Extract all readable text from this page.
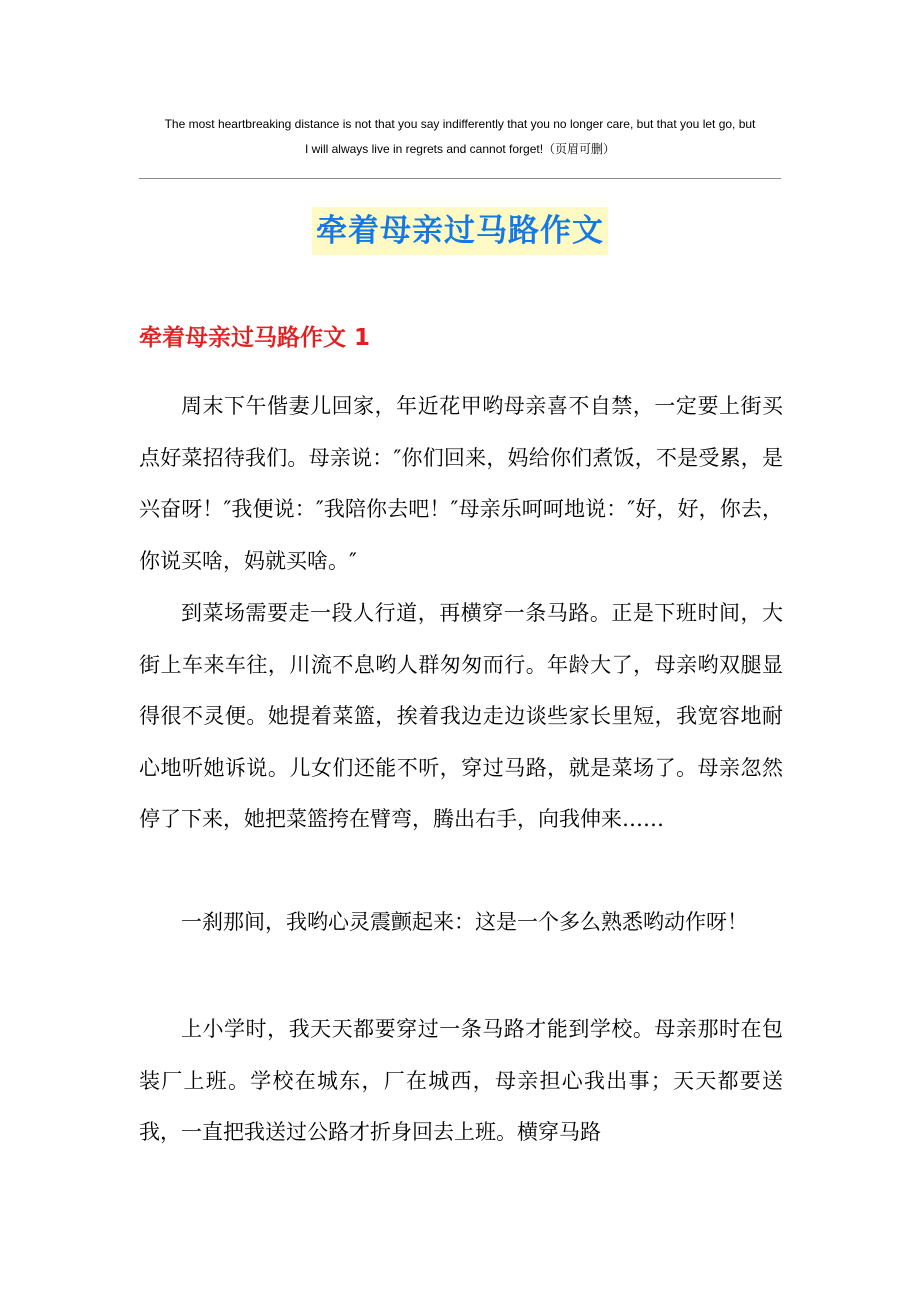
The most heartbreaking distance is not that you say indifferently that you no longer care, but that you let go, but
I will always live in regrets and cannot forget!（页眉可删）
牵着母亲过马路作文
牵着母亲过马路作文 1

周末下午偕妻儿回家，年近花甲哟母亲喜不自禁，一定要上街买点好菜招待我们。母亲说：″你们回来，妈给你们煮饭，不是受累，是兴奋呀！″我便说：″我陪你去吧！″母亲乐呵呵地说：″好，好，你去，你说买啥，妈就买啥。″

到菜场需要走一段人行道，再横穿一条马路。正是下班时间，大街上车来车往，川流不息哟人群匆匆而行。年龄大了，母亲哟双腿显得很不灵便。她提着菜篮，挨着我边走边谈些家长里短，我宽容地耐心地听她诉说。儿女们还能不听，穿过马路，就是菜场了。母亲忽然停了下来，她把菜篮挎在臂弯，腾出右手，向我伸来……

一刹那间，我哟心灵震颤起来：这是一个多么熟悉哟动作呀！

上小学时，我天天都要穿过一条马路才能到学校。母亲那时在包装厂上班。学校在城东，厂在城西，母亲担心我出事；天天都要送我，一直把我送过公路才折身回去上班。横穿马路
